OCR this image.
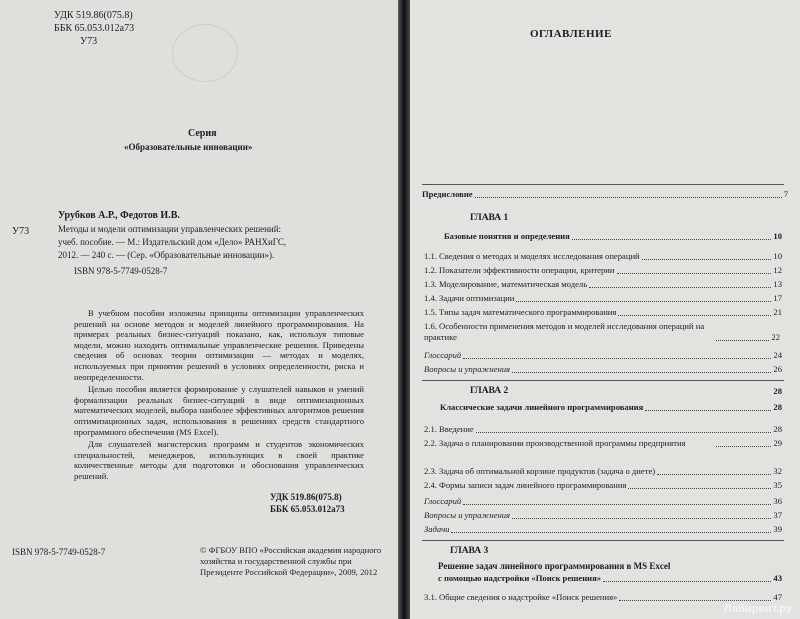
УДК 519.86(075.8)
ББК 65.053.012а73
У73
Серия
«Образовательные инновации»
У73
Урубков А.Р., Федотов И.В.
Методы и модели оптимизации управленческих решений:
учеб. пособие. — М.: Издательский дом «Дело» РАНХиГС,
2012. — 240 с. — (Сер. «Образовательные инновации»).
ISBN 978-5-7749-0528-7

В учебном пособии изложены принципы оптимизации управленческих решений на основе методов и моделей линейного программирования. На примерах реальных бизнес-ситуаций показано, как, используя типовые модели, можно находить оптимальные управленческие решения. Приведены сведения об основах теории оптимизации — методах и моделях, используемых при принятии решений в условиях определенности, риска и неопределенности.

Целью пособия является формирование у слушателей навыков и умений формализации реальных бизнес-ситуаций в виде оптимизационных математических моделей, выбора наиболее эффективных алгоритмов решения оптимизационных задач, использования в решениях средств стандартного программного обеспечения (MS Excel).

Для слушателей магистерских программ и студентов экономических специальностей, менеджеров, использующих в своей практике количественные методы для подготовки и обоснования управленческих решений.

УДК 519.86(075.8)
ББК 65.053.012а73
ISBN 978-5-7749-0528-7	© ФГБОУ ВПО «Российская академия народного хозяйства и государственной службы при Президенте Российской Федерации», 2009, 2012
ОГЛАВЛЕНИЕ
Предисловие	7
ГЛАВА 1
Базовые понятия и определения	10
1.1. Сведения о методах и моделях исследования операций	10
1.2. Показатели эффективности операции, критерии	12
1.3. Моделирование, математическая модель	13
1.4. Задачи оптимизации	17
1.5. Типы задач математического программирования	21
1.6. Особенности применения методов и моделей исследования операций на практике	22
Глоссарий	24
Вопросы и упражнения	26
ГЛАВА 2	28
Классические задачи линейного программирования	28
2.1. Введение	28
2.2. Задача о планировании производственной программы предприятия	29
2.3. Задача об оптимальной корзине продуктов (задача о диете)	32
2.4. Формы записи задач линейного программирования	35
Глоссарий	36
Вопросы и упражнения	37
Задачи	39
ГЛАВА 3
Решение задач линейного программирования в MS Excel
с помощью надстройки «Поиск решения»	43
3.1. Общие сведения о надстройке «Поиск решения»	47
Лабиринт.ру
